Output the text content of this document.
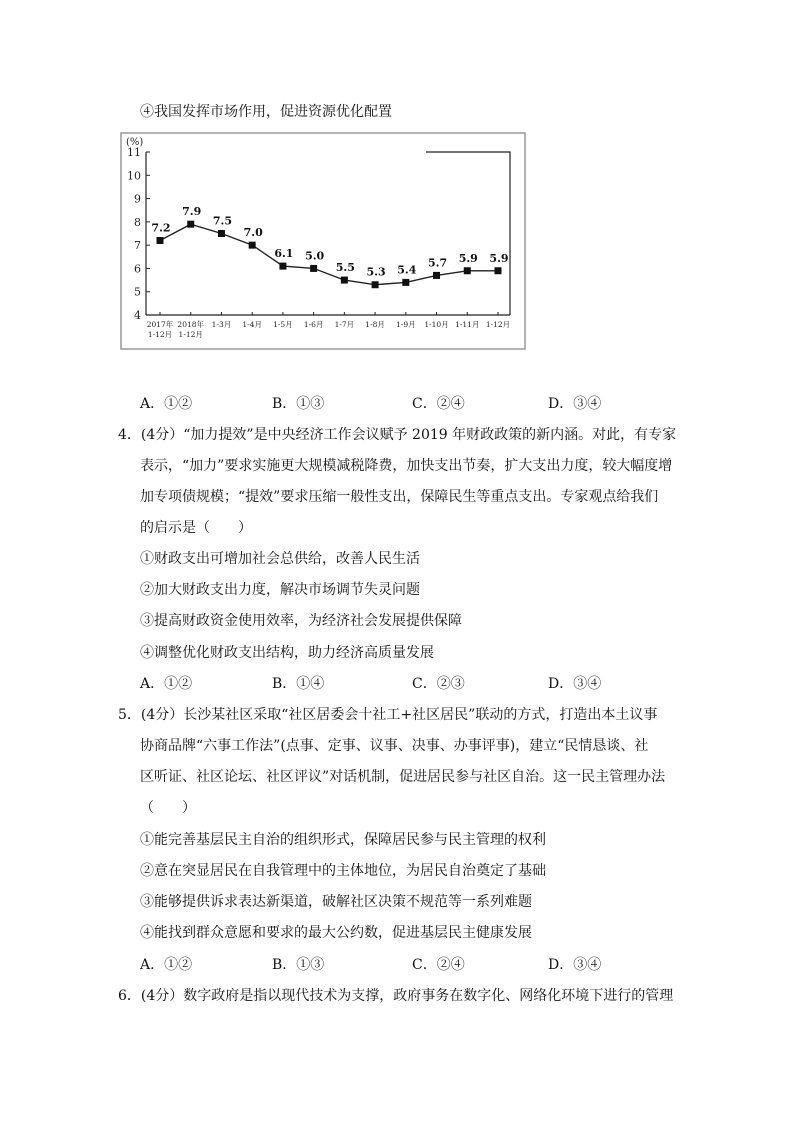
④我国发挥市场作用，促进资源优化配置
(%)
4
5
6
7
8
9
10
11
2017年
1-12月
2018年
1-12月
1-3月 1-4月 1-5月 1-6月 1-7月 1-8月 1-9月 1-10月 1-11月 1-12月
7.2
7.9
7.5
7.0
6.1 5.0
5.5 5.3 5.4
5.7 5.9 5.9
A．①②	B．①③	C．②④	D．③④
4．(4分）“加力提效”是中央经济工作会议赋予 2019 年财政政策的新内涵。对此，有专家
表示，“加力”要求实施更大规模减税降费，加快支出节奏，扩大支出力度，较大幅度增
加专项债规模；“提效”要求压缩一般性支出，保障民生等重点支出。专家观点给我们
的启示是（　　）
①财政支出可增加社会总供给，改善人民生活
②加大财政支出力度，解决市场调节失灵问题
③提高财政资金使用效率，为经济社会发展提供保障
④调整优化财政支出结构，助力经济高质量发展
A．①②	B．①④	C．②③	D．③④
5．(4分）长沙某社区采取“社区居委会十社工+社区居民”联动的方式，打造出本土议事
协商品牌“六事工作法”(点事、定事、议事、决事、办事评事)，建立“民情恳谈、社
区听证、社区论坛、社区评议”对话机制，促进居民参与社区自治。这一民主管理办法
（　　）
①能完善基层民主自治的组织形式，保障居民参与民主管理的权利
②意在突显居民在自我管理中的主体地位，为居民自治奠定了基础
③能够提供诉求表达新渠道，破解社区决策不规范等一系列难题
④能找到群众意愿和要求的最大公约数，促进基层民主健康发展
A．①②	B．①③	C．②④	D．③④
6．(4分）数字政府是指以现代技术为支撑，政府事务在数字化、网络化环境下进行的管理
